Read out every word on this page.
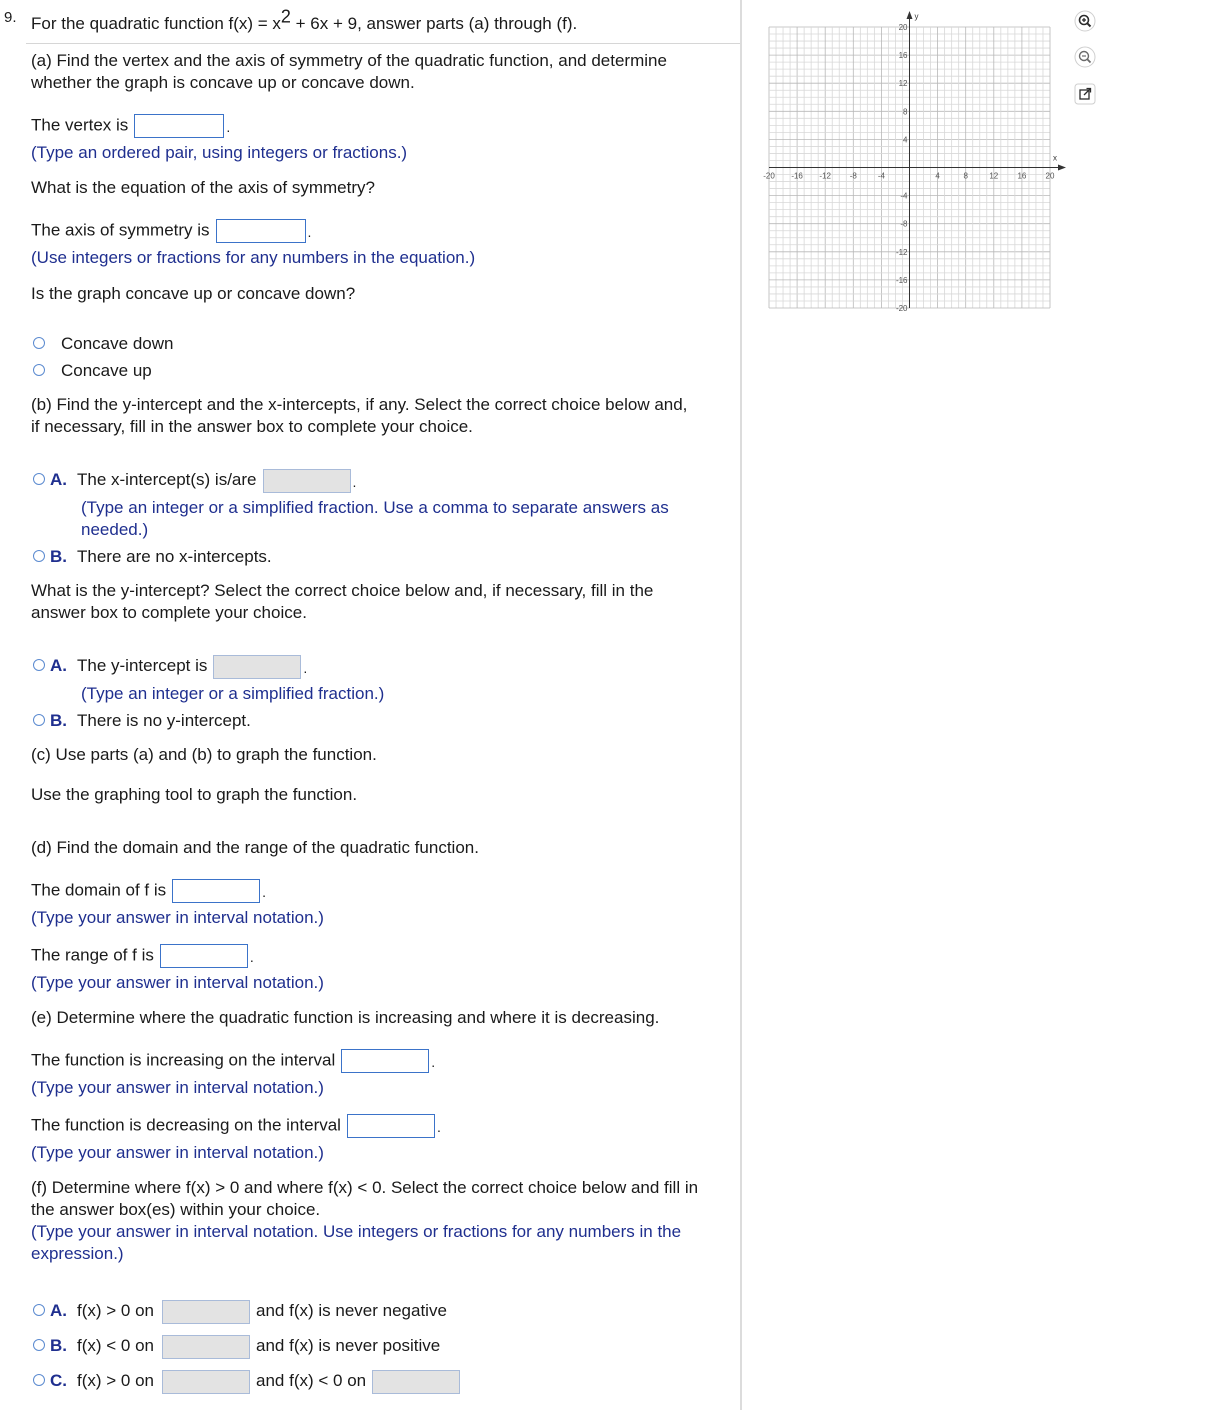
9. For the quadratic function $f(x) = x^2 + 6x + 9$, answer parts (a) through (f).
(a) Find the vertex and the axis of symmetry of the quadratic function, and determine
whether the graph is concave up or concave down.
The vertex is	.
(Type an ordered pair, using integers or fractions.)
What is the equation of the axis of symmetry?
The axis of symmetry is	.
(Use integers or fractions for any numbers in the equation.)
Is the graph concave up or concave down?
Concave down
Concave up
(b) Find the y-intercept and the x-intercepts, if any. Select the correct choice below and,
if necessary, fill in the answer box to complete your choice.
A. The x-intercept(s) is/are	.
(Type an integer or a simplified fraction. Use a comma to separate answers as
needed.)
B. There are no x-intercepts.
What is the y-intercept? Select the correct choice below and, if necessary, fill in the
answer box to complete your choice.
A. The y-intercept is	.
(Type an integer or a simplified fraction.)
B. There is no y-intercept.
(c) Use parts (a) and (b) to graph the function.
Use the graphing tool to graph the function.
(d) Find the domain and the range of the quadratic function.
The domain of f is	.
(Type your answer in interval notation.)
The range of f is	.
(Type your answer in interval notation.)
(e) Determine where the quadratic function is increasing and where it is decreasing.
The function is increasing on the interval	.
(Type your answer in interval notation.)
The function is decreasing on the interval	.
(Type your answer in interval notation.)
(f) Determine where f(x) > 0 and where f(x) < 0. Select the correct choice below and fill in
the answer box(es) within your choice.
(Type your answer in interval notation. Use integers or fractions for any numbers in the
expression.)
A. f(x) > 0 on	and f(x) is never negative
B. f(x) < 0 on	and f(x) is never positive
C. f(x) > 0 on	and f(x) < 0 on
x
y
-20 -16 -12 -8	-4	4	8	12 16 20
20
16
12
8
4
-4
-8
-12
-16
-20
